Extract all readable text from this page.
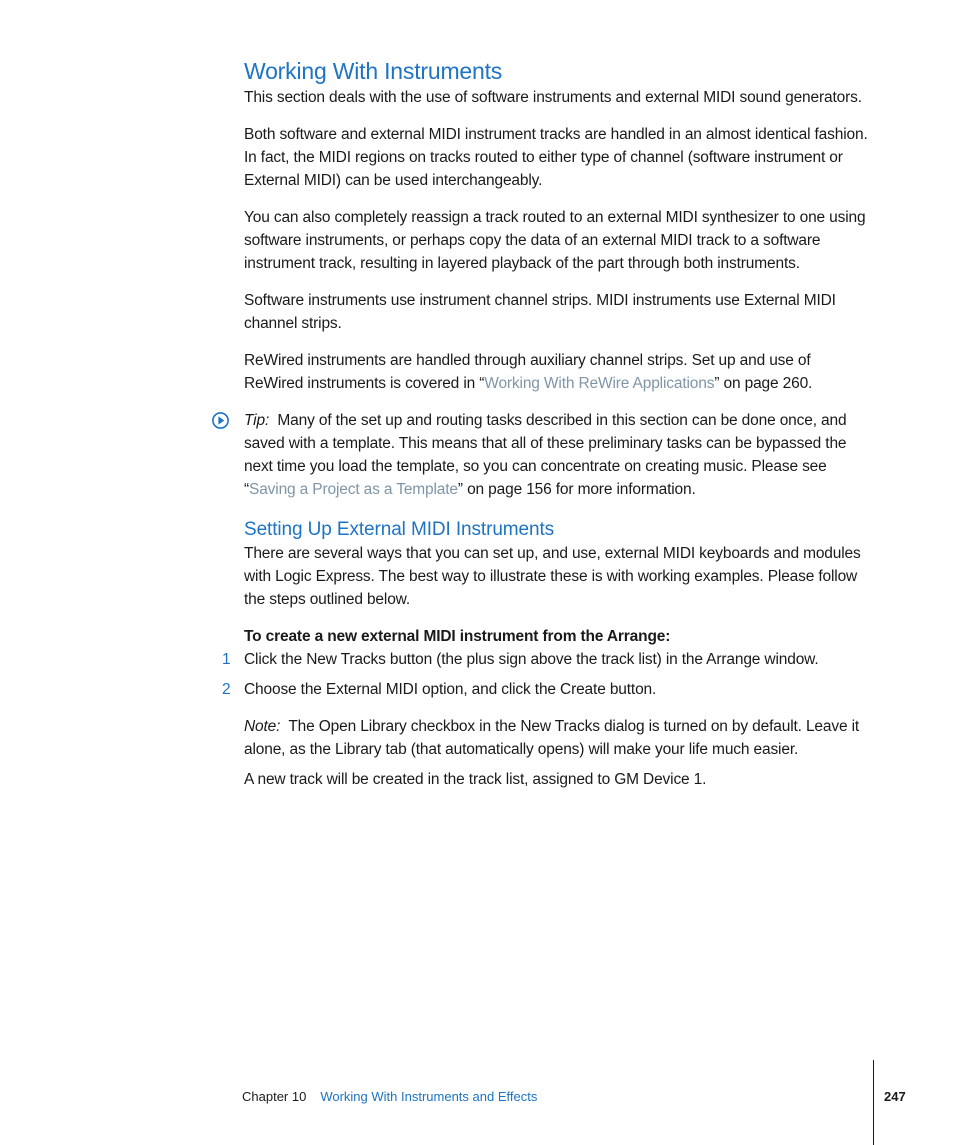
Working With Instruments

This section deals with the use of software instruments and external MIDI sound generators.

Both software and external MIDI instrument tracks are handled in an almost identical fashion. In fact, the MIDI regions on tracks routed to either type of channel (software instrument or External MIDI) can be used interchangeably.

You can also completely reassign a track routed to an external MIDI synthesizer to one using software instruments, or perhaps copy the data of an external MIDI track to a software instrument track, resulting in layered playback of the part through both instruments.

Software instruments use instrument channel strips. MIDI instruments use External MIDI channel strips.

ReWired instruments are handled through auxiliary channel strips. Set up and use of ReWired instruments is covered in “Working With ReWire Applications” on page 260.

Tip:  Many of the set up and routing tasks described in this section can be done once, and saved with a template. This means that all of these preliminary tasks can be bypassed the next time you load the template, so you can concentrate on creating music. Please see “Saving a Project as a Template” on page 156 for more information.

Setting Up External MIDI Instruments

There are several ways that you can set up, and use, external MIDI keyboards and modules with Logic Express. The best way to illustrate these is with working examples. Please follow the steps outlined below.

To create a new external MIDI instrument from the Arrange:

1 Click the New Tracks button (the plus sign above the track list) in the Arrange window.

2 Choose the External MIDI option, and click the Create button.

Note:  The Open Library checkbox in the New Tracks dialog is turned on by default. Leave it alone, as the Library tab (that automatically opens) will make your life much easier.

A new track will be created in the track list, assigned to GM Device 1.

Chapter 10 Working With Instruments and Effects	247
